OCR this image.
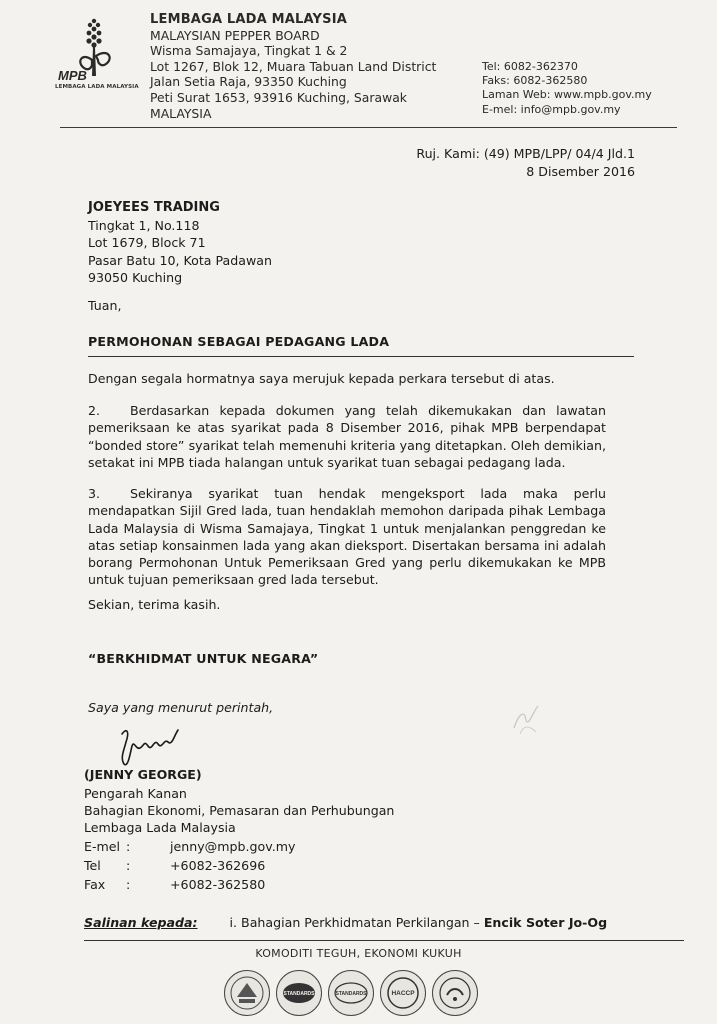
MPB
LEMBAGA LADA MALAYSIA
LEMBAGA LADA MALAYSIA
MALAYSIAN PEPPER BOARD
Wisma Samajaya, Tingkat 1 & 2
Lot 1267, Blok 12, Muara Tabuan Land District
Jalan Setia Raja, 93350 Kuching
Peti Surat 1653, 93916 Kuching, Sarawak
MALAYSIA
Tel: 6082-362370
Faks: 6082-362580
Laman Web: www.mpb.gov.my
E-mel: info@mpb.gov.my
Ruj. Kami: (49) MPB/LPP/ 04/4 Jld.1
8 Disember 2016
JOEYEES TRADING
Tingkat 1, No.118
Lot 1679, Block 71
Pasar Batu 10, Kota Padawan
93050 Kuching
Tuan,
PERMOHONAN SEBAGAI PEDAGANG LADA
Dengan segala hormatnya saya merujuk kepada perkara tersebut di atas.
2. Berdasarkan kepada dokumen yang telah dikemukakan dan lawatan pemeriksaan ke atas syarikat pada 8 Disember 2016, pihak MPB berpendapat “bonded store” syarikat telah memenuhi kriteria yang ditetapkan. Oleh demikian, setakat ini MPB tiada halangan untuk syarikat tuan sebagai pedagang lada.
3. Sekiranya syarikat tuan hendak mengeksport lada maka perlu mendapatkan Sijil Gred lada, tuan hendaklah memohon daripada pihak Lembaga Lada Malaysia di Wisma Samajaya, Tingkat 1 untuk menjalankan penggredan ke atas setiap konsainmen lada yang akan dieksport. Disertakan bersama ini adalah borang Permohonan Untuk Pemeriksaan Gred yang perlu dikemukakan ke MPB untuk tujuan pemeriksaan gred lada tersebut.
Sekian, terima kasih.
“BERKHIDMAT UNTUK NEGARA”
Saya yang menurut perintah,
(JENNY GEORGE)
Pengarah Kanan
Bahagian Ekonomi, Pemasaran dan Perhubungan
Lembaga Lada Malaysia
E-mel :	jenny@mpb.gov.my
Tel	:	+6082-362696
Fax	:	+6082-362580
Salinan kepada:	i. Bahagian Perkhidmatan Perkilangan – Encik Soter Jo-Og
KOMODITI TEGUH, EKONOMI KUKUH
STANDARDS	STANDARDS	HACCP
